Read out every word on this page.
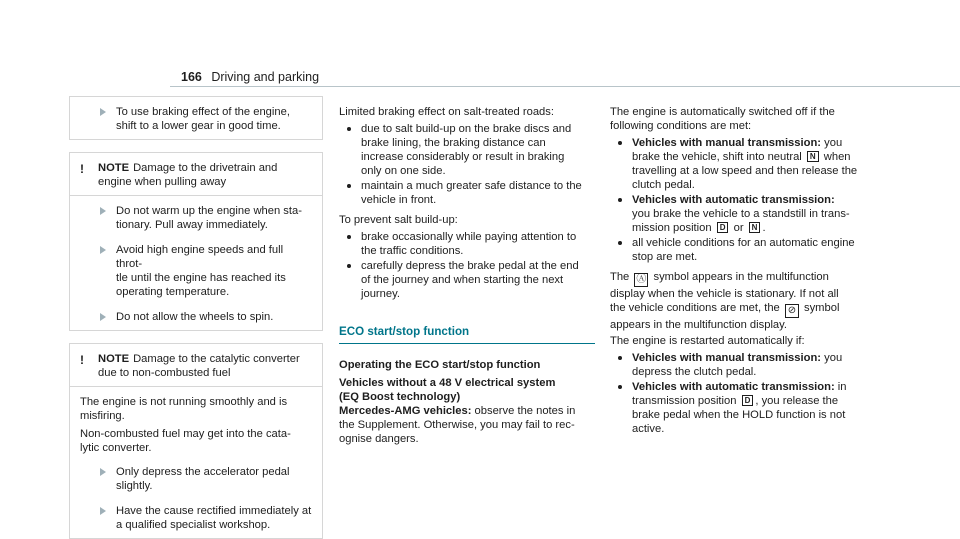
166 Driving and parking
To use braking effect of the engine,
shift to a lower gear in good time.
!	NOTE Damage to the drivetrain and
engine when pulling away
Do not warm up the engine when sta-
tionary. Pull away immediately.
Avoid high engine speeds and full throt-
tle until the engine has reached its
operating temperature.
Do not allow the wheels to spin.
!	NOTE Damage to the catalytic converter
due to non-combusted fuel

The engine is not running smoothly and is
misfiring.

Non-combusted fuel may get into the cata-
lytic converter.

Only depress the accelerator pedal
slightly.
Have the cause rectified immediately at
a qualified specialist workshop.

Limited braking effect on salt-treated roads:

due to salt build-up on the brake discs and
brake lining, the braking distance can
increase considerably or result in braking
only on one side.
maintain a much greater safe distance to the
vehicle in front.

To prevent salt build-up:

brake occasionally while paying attention to
the traffic conditions.
carefully depress the brake pedal at the end
of the journey and when starting the next
journey.
ECO start/stop function
Operating the ECO start/stop function
Vehicles without a 48 V electrical system
(EQ Boost technology)

Mercedes-AMG vehicles: observe the notes in
the Supplement. Otherwise, you may fail to rec-
ognise dangers.

The engine is automatically switched off if the
following conditions are met:

Vehicles with manual transmission: you
brake the vehicle, shift into neutral N when
travelling at a low speed and then release the
clutch pedal.
Vehicles with automatic transmission:
you brake the vehicle to a standstill in trans-
mission position D or N .
all vehicle conditions for an automatic engine
stop are met.

The Ⓐ symbol appears in the multifunction
display when the vehicle is stationary. If not all
the vehicle conditions are met, the ⊘ symbol
appears in the multifunction display.

The engine is restarted automatically if:

Vehicles with manual transmission: you
depress the clutch pedal.
Vehicles with automatic transmission: in
transmission position D , you release the
brake pedal when the HOLD function is not
active.
